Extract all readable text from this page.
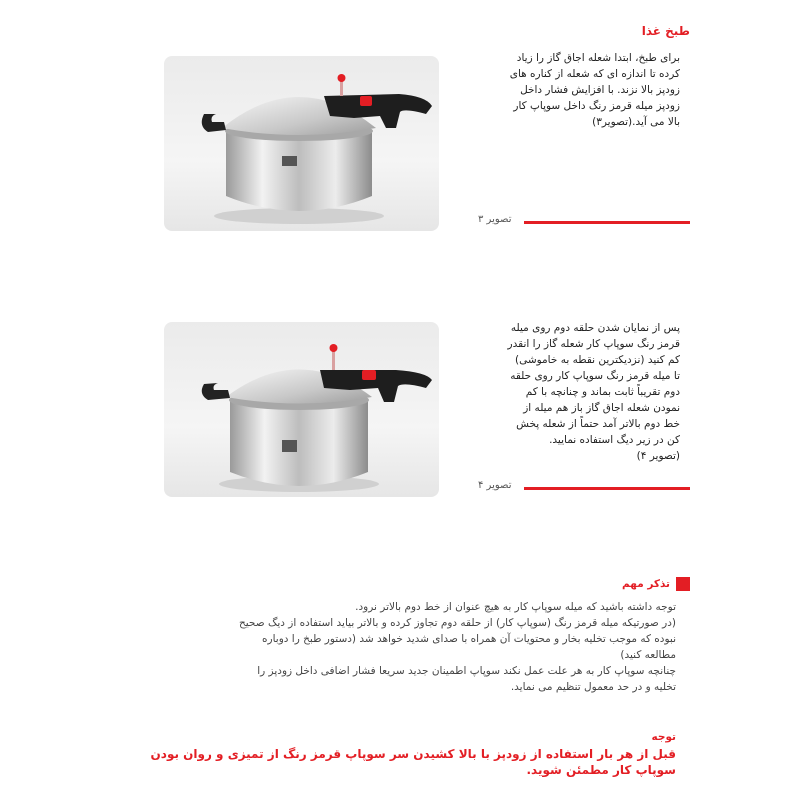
طبخ غذا
برای طبخ، ابتدا شعله اجاق گاز را زیاد
کرده تا اندازه ای که شعله از کناره های
زودپز بالا نزند. با افزایش فشار داخل
زودپز میله قرمز رنگ داخل سوپاپ کار
بالا می آید.(تصویر۳)
تصویر ۳
پس از نمایان شدن حلقه دوم روی میله
قرمز رنگ سوپاپ کار شعله گاز را انقدر
کم کنید (نزدیکترین نقطه به خاموشی)
تا میله قرمز رنگ سوپاپ کار روی حلقه
دوم تقریباً ثابت بماند و چنانچه با کم
نمودن شعله اجاق گاز باز هم میله از
خط دوم بالاتر آمد حتماً از شعله پخش
کن در زیر دیگ استفاده نمایید.
(تصویر ۴)
تصویر ۴
تذکر مهم
توجه داشته باشید که میله سوپاپ کار به هیچ عنوان از خط دوم بالاتر نرود.
(در صورتیکه میله قرمز رنگ (سوپاپ کار) از حلقه دوم تجاوز کرده و بالاتر بیاید استفاده از دیگ صحیح
نبوده که موجب تخلیه بخار و محتویات آن همراه با صدای شدید خواهد شد (دستور طبخ را دوباره
مطالعه کنید)
چنانچه سوپاپ کار به هر علت عمل نکند سوپاپ اطمینان جدید سریعا فشار اضافی داخل زودپز را
تخلیه و در حد معمول تنظیم می نماید.
توجه
قبل از هر بار استفاده از زودپز با بالا کشیدن سر سوپاپ قرمز رنگ از تمیزی و روان بودن
سوپاپ کار مطمئن شوید.
